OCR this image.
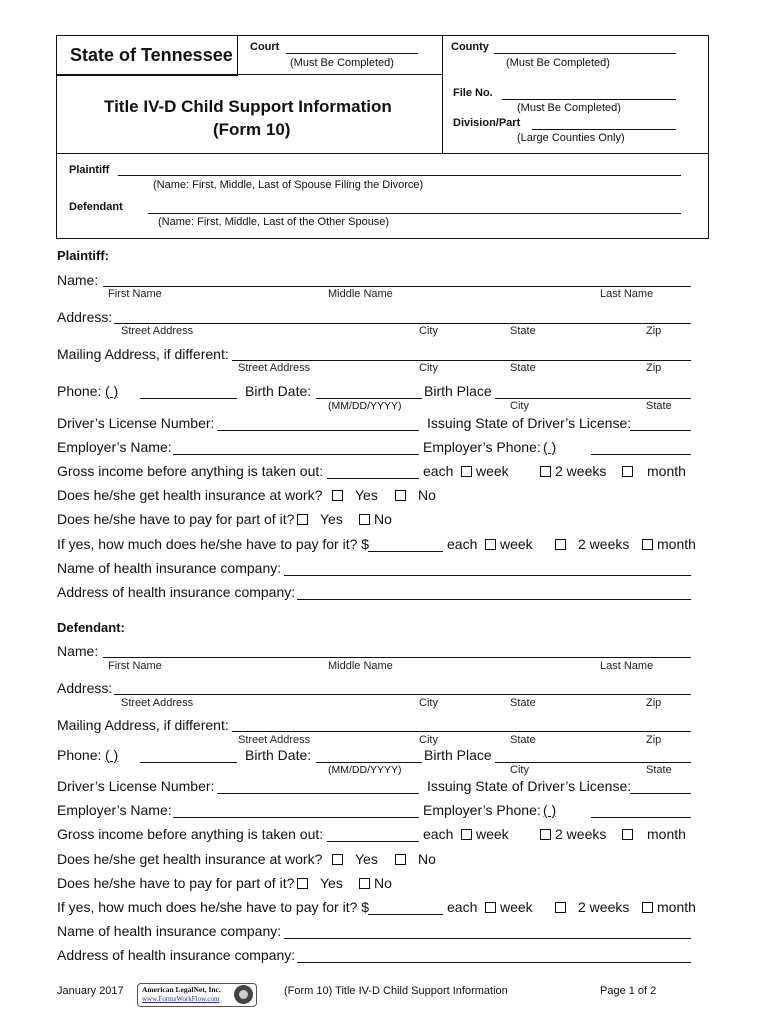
State of Tennessee Court
(Must Be Completed)
County
(Must Be Completed)
Title IV-D Child Support Information
(Form 10)
File No.
(Must Be Completed)
Division/Part
(Large Counties Only)
Plaintiff
(Name: First, Middle, Last of Spouse Filing the Divorce)
Defendant
(Name: First, Middle, Last of the Other Spouse)
Plaintiff:
Name:
First Name	Middle Name	Last Name
Address:
Street Address	City	State	Zip
Mailing Address, if different:
Street Address	City	State	Zip
Phone: ( )	Birth Date:
(MM/DD/YYYY)
Birth Place
City	State
Driver’s License Number:	Issuing State of Driver’s License:
Employer’s Name:	Employer’s Phone: ( )
Gross income before anything is taken out:	each	week	2 weeks	month
Does he/she get health insurance at work?	Yes	No
Does he/she have to pay for part of it?	Yes	No
If yes, how much does he/she have to pay for it? $	each	week	2 weeks	month
Name of health insurance company:
Address of health insurance company:
Defendant:
Name:
First Name	Middle Name	Last Name
Address:
Street Address	City	State	Zip
Mailing Address, if different:
Street Address	City	State	Zip
Phone: ( )	Birth Date:
(MM/DD/YYYY)
Birth Place
City	State
Driver’s License Number:	Issuing State of Driver’s License:
Employer’s Name:	Employer’s Phone: ( )
Gross income before anything is taken out:	each	week	2 weeks	month
Does he/she get health insurance at work?	Yes	No
Does he/she have to pay for part of it?	Yes	No
If yes, how much does he/she have to pay for it? $	each	week	2 weeks	month
Name of health insurance company:
Address of health insurance company:
January 2017 American LegalNet, Inc.
www.FormsWorkFlow.com
(Form 10) Title IV-D Child Support Information	Page 1 of 2
